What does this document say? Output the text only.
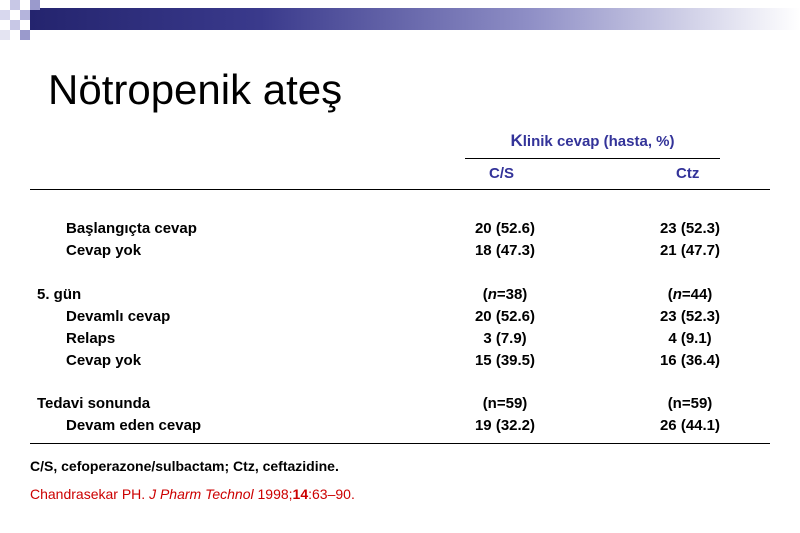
Nötropenik ateş
Klinik cevap (hasta, %)
C/S	Ctz
Başlangıçta cevap	20 (52.6)	23 (52.3)
Cevap yok	18 (47.3)	21 (47.7)
5. gün	(n=38)	(n=44)
Devamlı cevap	20 (52.6)	23 (52.3)
Relaps	3 (7.9)	4 (9.1)
Cevap yok	15 (39.5)	16 (36.4)
Tedavi sonunda	(n=59)	(n=59)
Devam eden cevap	19 (32.2)	26 (44.1)
C/S, cefoperazone/sulbactam; Ctz, ceftazidine.
Chandrasekar PH. J Pharm Technol 1998;14:63–90.
